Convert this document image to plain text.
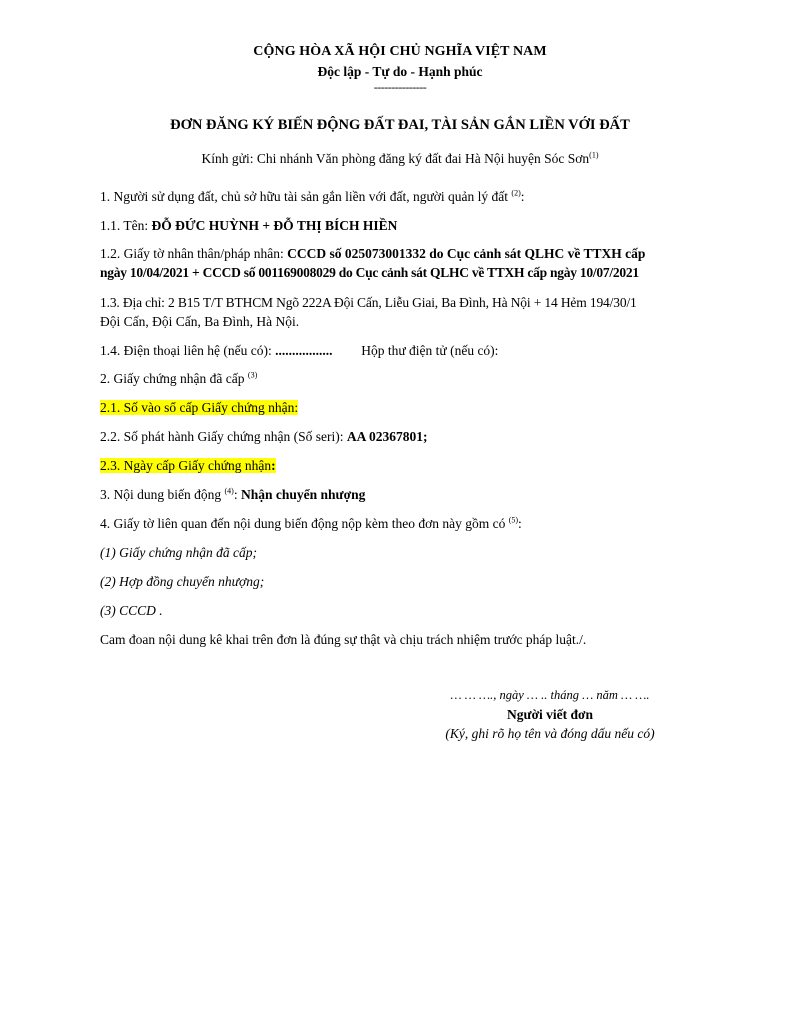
CỘNG HÒA XÃ HỘI CHỦ NGHĨA VIỆT NAM
Độc lập - Tự do - Hạnh phúc
---------------
ĐƠN ĐĂNG KÝ BIẾN ĐỘNG ĐẤT ĐAI, TÀI SẢN GẮN LIỀN VỚI ĐẤT
Kính gửi: Chi nhánh Văn phòng đăng ký đất đai Hà Nội huyện Sóc Sơn$^{(1)}$
1. Người sử dụng đất, chủ sở hữu tài sản gắn liền với đất, người quản lý đất $^{(2)}$:
1.1. Tên: ĐỖ ĐỨC HUỲNH + ĐỖ THỊ BÍCH HIỀN
1.2. Giấy tờ nhân thân/pháp nhân: CCCD số 025073001332 do Cục cảnh sát QLHC về TTXH cấp
ngày 10/04/2021 + CCCD số 001169008029 do Cục cảnh sát QLHC về TTXH cấp ngày 10/07/2021
1.3. Địa chỉ: 2 B15 T/T BTHCM Ngõ 222A Đội Cấn, Liễu Giai, Ba Đình, Hà Nội + 14 Hẻm 194/30/1
Đội Cấn, Đội Cấn, Ba Đình, Hà Nội.
1.4. Điện thoại liên hệ (nếu có): ................. Hộp thư điện tử (nếu có):
2. Giấy chứng nhận đã cấp $^{(3)}$
2.1. Số vào sổ cấp Giấy chứng nhận:
2.2. Số phát hành Giấy chứng nhận (Số seri): AA 02367801;
2.3. Ngày cấp Giấy chứng nhận:
3. Nội dung biến động $^{(4)}$: Nhận chuyển nhượng
4. Giấy tờ liên quan đến nội dung biến động nộp kèm theo đơn này gồm có $^{(5)}$:
(1) Giấy chứng nhận đã cấp;
(2) Hợp đồng chuyển nhượng;
(3) CCCD .
Cam đoan nội dung kê khai trên đơn là đúng sự thật và chịu trách nhiệm trước pháp luật./.
… … …., ngày … .. tháng … năm … ….
Người viết đơn
(Ký, ghi rõ họ tên và đóng dấu nếu có)
